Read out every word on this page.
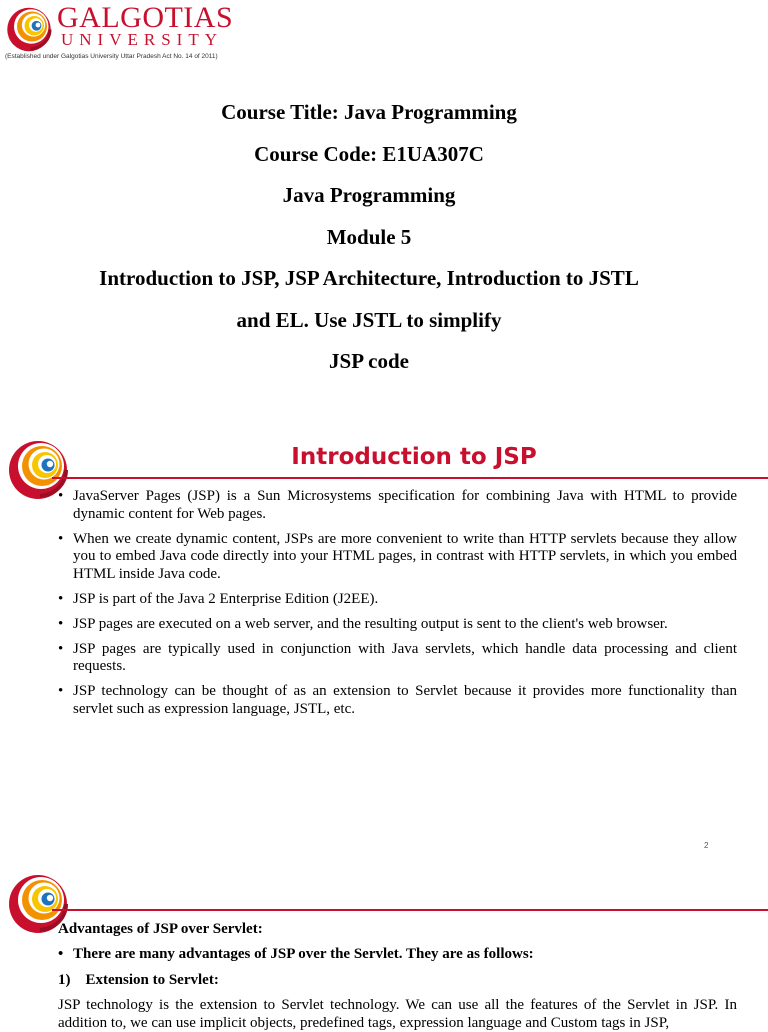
GALGOTIAS
UNIVERSITY
(Established under Galgotias University Uttar Pradesh Act No. 14 of 2011)
Course Title: Java Programming
Course Code: E1UA307C
Java Programming
Module 5
Introduction to JSP, JSP Architecture, Introduction to JSTL
and EL. Use JSTL to simplify
JSP code
Introduction to JSP
• JavaServer Pages (JSP) is a Sun Microsystems specification for combining Java with HTML to provide dynamic content for Web pages.
• When we create dynamic content, JSPs are more convenient to write than HTTP servlets because they allow you to embed Java code directly into your HTML pages, in contrast with HTTP servlets, in which you embed HTML inside Java code.
• JSP is part of the Java 2 Enterprise Edition (J2EE).
• JSP pages are executed on a web server, and the resulting output is sent to the client's web browser.
• JSP pages are typically used in conjunction with Java servlets, which handle data processing and client requests.
• JSP technology can be thought of as an extension to Servlet because it provides more functionality than servlet such as expression language, JSTL, etc.
2
Advantages of JSP over Servlet:
• There are many advantages of JSP over the Servlet. They are as follows:
1)    Extension to Servlet:
JSP technology is the extension to Servlet technology. We can use all the features of the Servlet in JSP. In addition to, we can use implicit objects, predefined tags, expression language and Custom tags in JSP,
